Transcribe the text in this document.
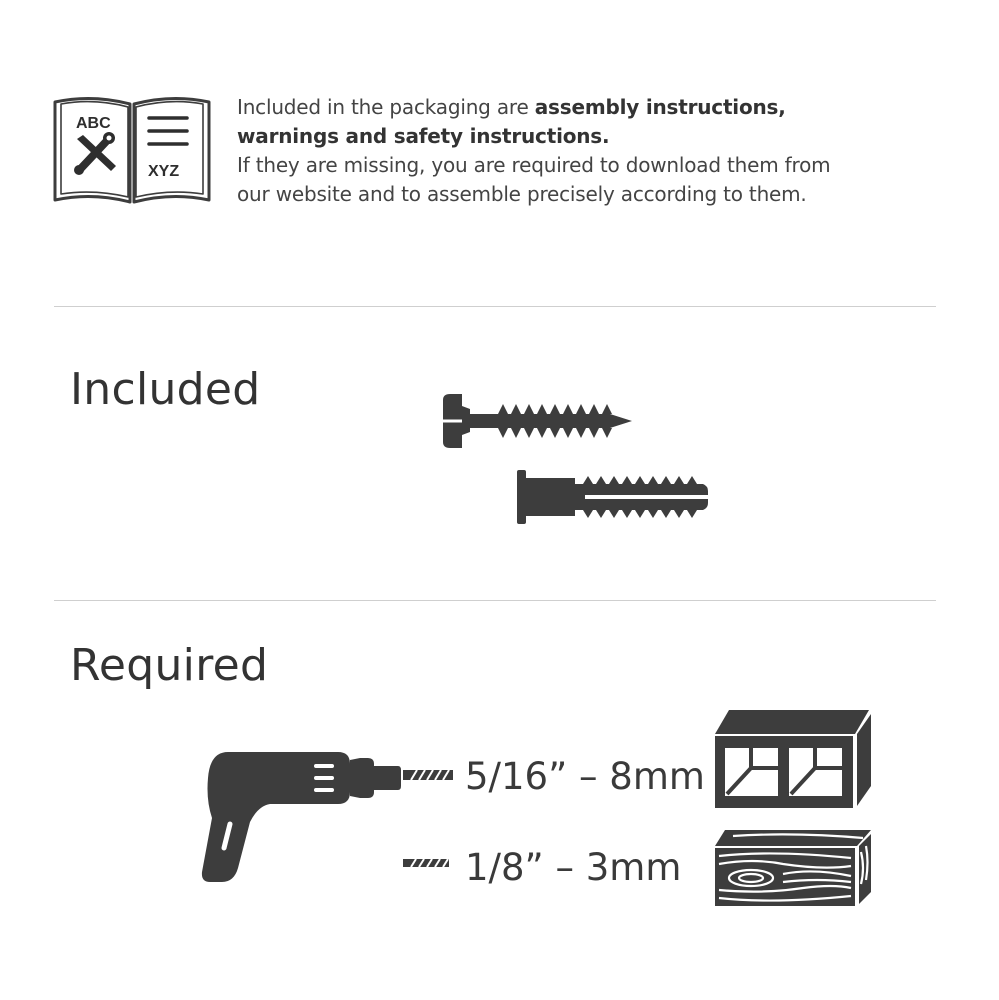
ABC
XYZ
Included in the packaging are assembly instructions,
warnings and safety instructions.
If they are missing, you are required to download them from
our website and to assemble precisely according to them.
Included
Required
5/16” – 8mm
1/8” – 3mm
